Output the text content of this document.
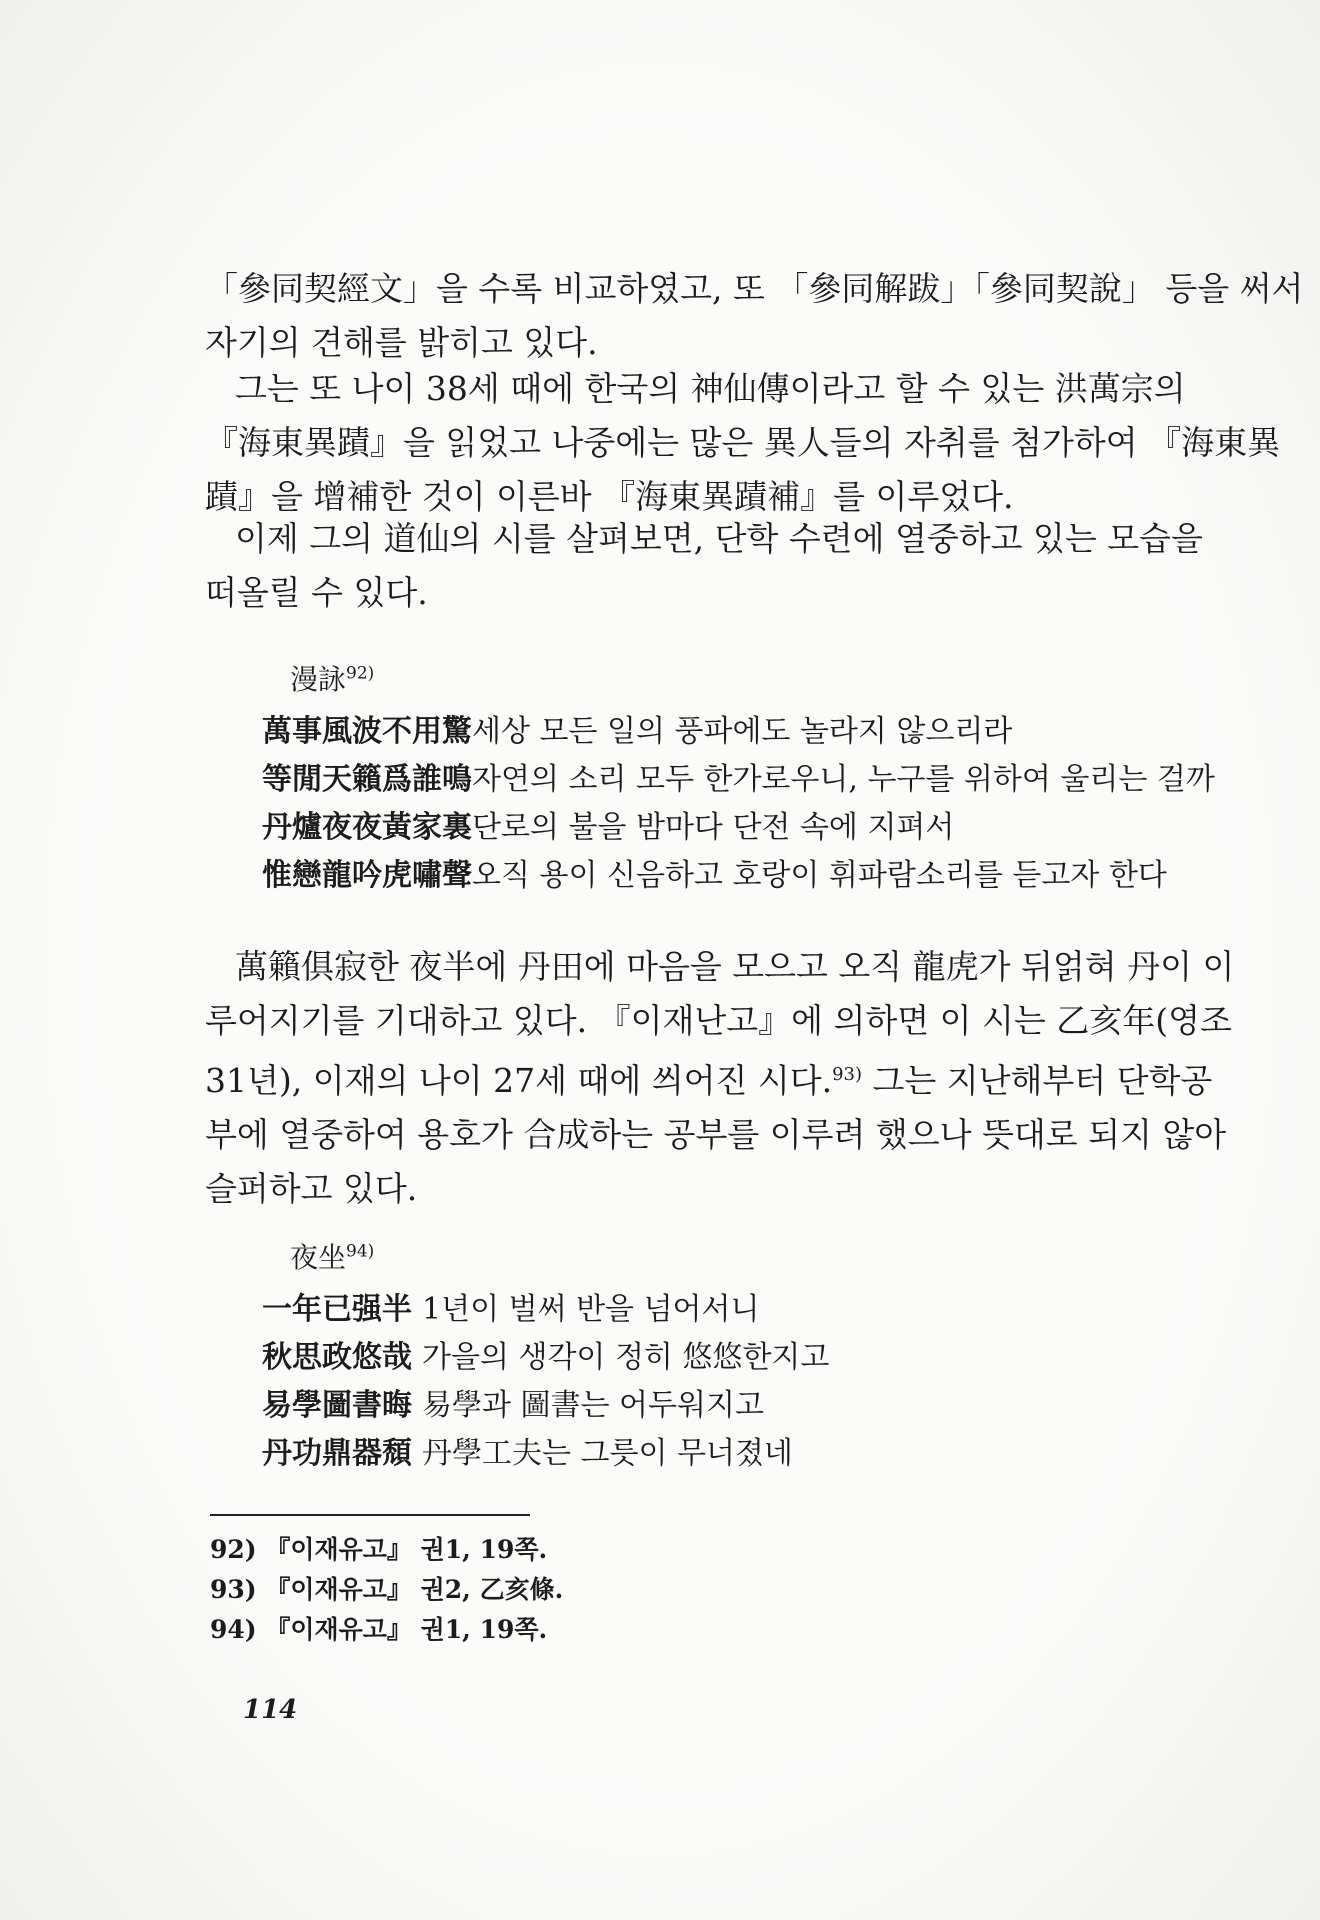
「參同契經文」을 수록 비교하였고, 또 「參同解跋」「參同契說」 등을 써서
자기의 견해를 밝히고 있다.

그는 또 나이 38세 때에 한국의 神仙傳이라고 할 수 있는 洪萬宗의
『海東異蹟』을 읽었고 나중에는 많은 異人들의 자취를 첨가하여 『海東異
蹟』을 增補한 것이 이른바 『海東異蹟補』를 이루었다.

이제 그의 道仙의 시를 살펴보면, 단학 수련에 열중하고 있는 모습을
떠올릴 수 있다.

漫詠$^{92)}$

萬事風波不用驚 세상 모든 일의 풍파에도 놀라지 않으리라
等閒天籟爲誰鳴 자연의 소리 모두 한가로우니, 누구를 위하여 울리는 걸까
丹爐夜夜黃家裏 단로의 불을 밤마다 단전 속에 지펴서
惟戀龍吟虎嘯聲 오직 용이 신음하고 호랑이 휘파람소리를 듣고자 한다

萬籟俱寂한 夜半에 丹田에 마음을 모으고 오직 龍虎가 뒤얽혀 丹이 이
루어지기를 기대하고 있다. 『이재난고』에 의하면 이 시는 乙亥年(영조
31년), 이재의 나이 27세 때에 씌어진 시다.$^{93)}$ 그는 지난해부터 단학공
부에 열중하여 용호가 合成하는 공부를 이루려 했으나 뜻대로 되지 않아
슬퍼하고 있다.

夜坐$^{94)}$

一年已强半 1년이 벌써 반을 넘어서니
秋思政悠哉 가을의 생각이 정히 悠悠한지고
易學圖書晦 易學과 圖書는 어두워지고
丹功鼎器頹 丹學工夫는 그릇이 무너졌네
92) 『이재유고』 권1, 19쪽.
93) 『이재유고』 권2, 乙亥條.
94) 『이재유고』 권1, 19쪽.
114
